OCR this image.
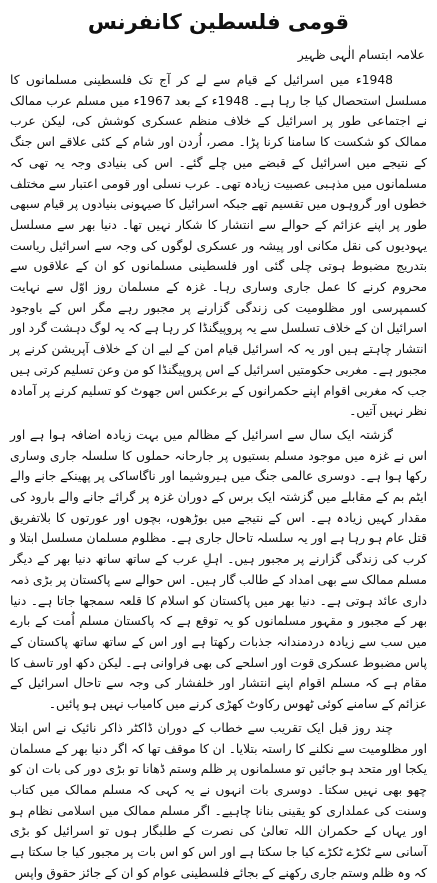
قومی فلسطین کانفرنس
علامہ ابتسام الٰہی ظہیر

1948ء میں اسرائیل کے قیام سے لے کر آج تک فلسطینی مسلمانوں کا مسلسل استحصال کیا جا رہا ہے۔ 1948ء کے بعد 1967ء میں مسلم عرب ممالک نے اجتماعی طور پر اسرائیل کے خلاف منظم عسکری کوشش کی، لیکن عرب ممالک کو شکست کا سامنا کرنا پڑا۔ مصر، اُردن اور شام کے کئی علاقے اس جنگ کے نتیجے میں اسرائیل کے قبضے میں چلے گئے۔ اس کی بنیادی وجہ یہ تھی کہ مسلمانوں میں مذہبی عصبیت زیادہ تھی۔ عرب نسلی اور قومی اعتبار سے مختلف خطوں اور گروہوں میں تقسیم تھے جبکہ اسرائیل کا صیہونی بنیادوں پر قیام سبھی طور پر اپنے عزائم کے حوالے سے انتشار کا شکار نہیں تھا۔ دنیا بھر سے مسلسل یہودیوں کی نقل مکانی اور پیشہ ور عسکری لوگوں کی وجہ سے اسرائیل ریاست بتدریج مضبوط ہوتی چلی گئی اور فلسطینی مسلمانوں کو ان کے علاقوں سے محروم کرنے کا عمل جاری وساری رہا۔ غزہ کے مسلمان روز اوّل سے نہایت کسمپرسی اور مظلومیت کی زندگی گزارنے پر مجبور رہے مگر اس کے باوجود اسرائیل ان کے خلاف تسلسل سے یہ پروپیگنڈا کر رہا ہے کہ یہ لوگ دہشت گرد اور انتشار چاہتے ہیں اور یہ کہ اسرائیل قیام امن کے لیے ان کے خلاف آپریشن کرنے پر مجبور ہے۔ مغربی حکومتیں اسرائیل کے اس پروپیگنڈا کو من وعن تسلیم کرتی ہیں جب کہ مغربی اقوام اپنے حکمرانوں کے برعکس اس جھوٹ کو تسلیم کرنے پر آمادہ نظر نہیں آتیں۔

گزشتہ ایک سال سے اسرائیل کے مظالم میں بہت زیادہ اضافہ ہوا ہے اور اس نے غزہ میں موجود مسلم بستیوں پر جارحانہ حملوں کا سلسلہ جاری وساری رکھا ہوا ہے۔ دوسری عالمی جنگ میں ہیروشیما اور ناگاساکی پر پھینکے جانے والے ایٹم بم کے مقابلے میں گزشتہ ایک برس کے دوران غزہ پر گرائے جانے والے بارود کی مقدار کہیں زیادہ ہے۔ اس کے نتیجے میں بوڑھوں، بچوں اور عورتوں کا بلاتفریق قتل عام ہو رہا ہے اور یہ سلسلہ تاحال جاری ہے۔ مظلوم مسلمان مسلسل ابتلا و کرب کی زندگی گزارنے پر مجبور ہیں۔ اہلِ عرب کے ساتھ ساتھ دنیا بھر کے دیگر مسلم ممالک سے بھی امداد کے طالب گار ہیں۔ اس حوالے سے پاکستان پر بڑی ذمہ داری عائد ہوتی ہے۔ دنیا بھر میں پاکستان کو اسلام کا قلعہ سمجھا جاتا ہے۔ دنیا بھر کے مجبور و مقہور مسلمانوں کو یہ توقع ہے کہ پاکستان مسلم اُمت کے بارے میں سب سے زیادہ دردمندانہ جذبات رکھتا ہے اور اس کے ساتھ ساتھ پاکستان کے پاس مضبوط عسکری قوت اور اسلحے کی بھی فراوانی ہے۔ لیکن دکھ اور تاسف کا مقام ہے کہ مسلم اقوام اپنے انتشار اور خلفشار کی وجہ سے تاحال اسرائیل کے عزائم کے سامنے کوئی ٹھوس رکاوٹ کھڑی کرنے میں کامیاب نہیں ہو پائیں۔

چند روز قبل ایک تقریب سے خطاب کے دوران ڈاکٹر ذاکر نائیک نے اس ابتلا اور مظلومیت سے نکلنے کا راستہ بتلایا۔ ان کا موقف تھا کہ اگر دنیا بھر کے مسلمان یکجا اور متحد ہو جائیں تو مسلمانوں پر ظلم وستم ڈھانا تو بڑی دور کی بات ان کو چھو بھی نہیں سکتا۔ دوسری بات انہوں نے یہ کہی کہ مسلم ممالک میں کتاب وسنت کی عملداری کو یقینی بنانا چاہیے۔ اگر مسلم ممالک میں اسلامی نظام ہو اور یہاں کے حکمران اللہ تعالیٰ کی نصرت کے طلبگار ہوں تو اسرائیل کو بڑی آسانی سے ٹکڑے ٹکڑے کیا جا سکتا ہے اور اس کو اس بات پر مجبور کیا جا سکتا ہے کہ وہ ظلم وستم جاری رکھنے کے بجائے فلسطینی عوام کو ان کے جائز حقوق واپس
